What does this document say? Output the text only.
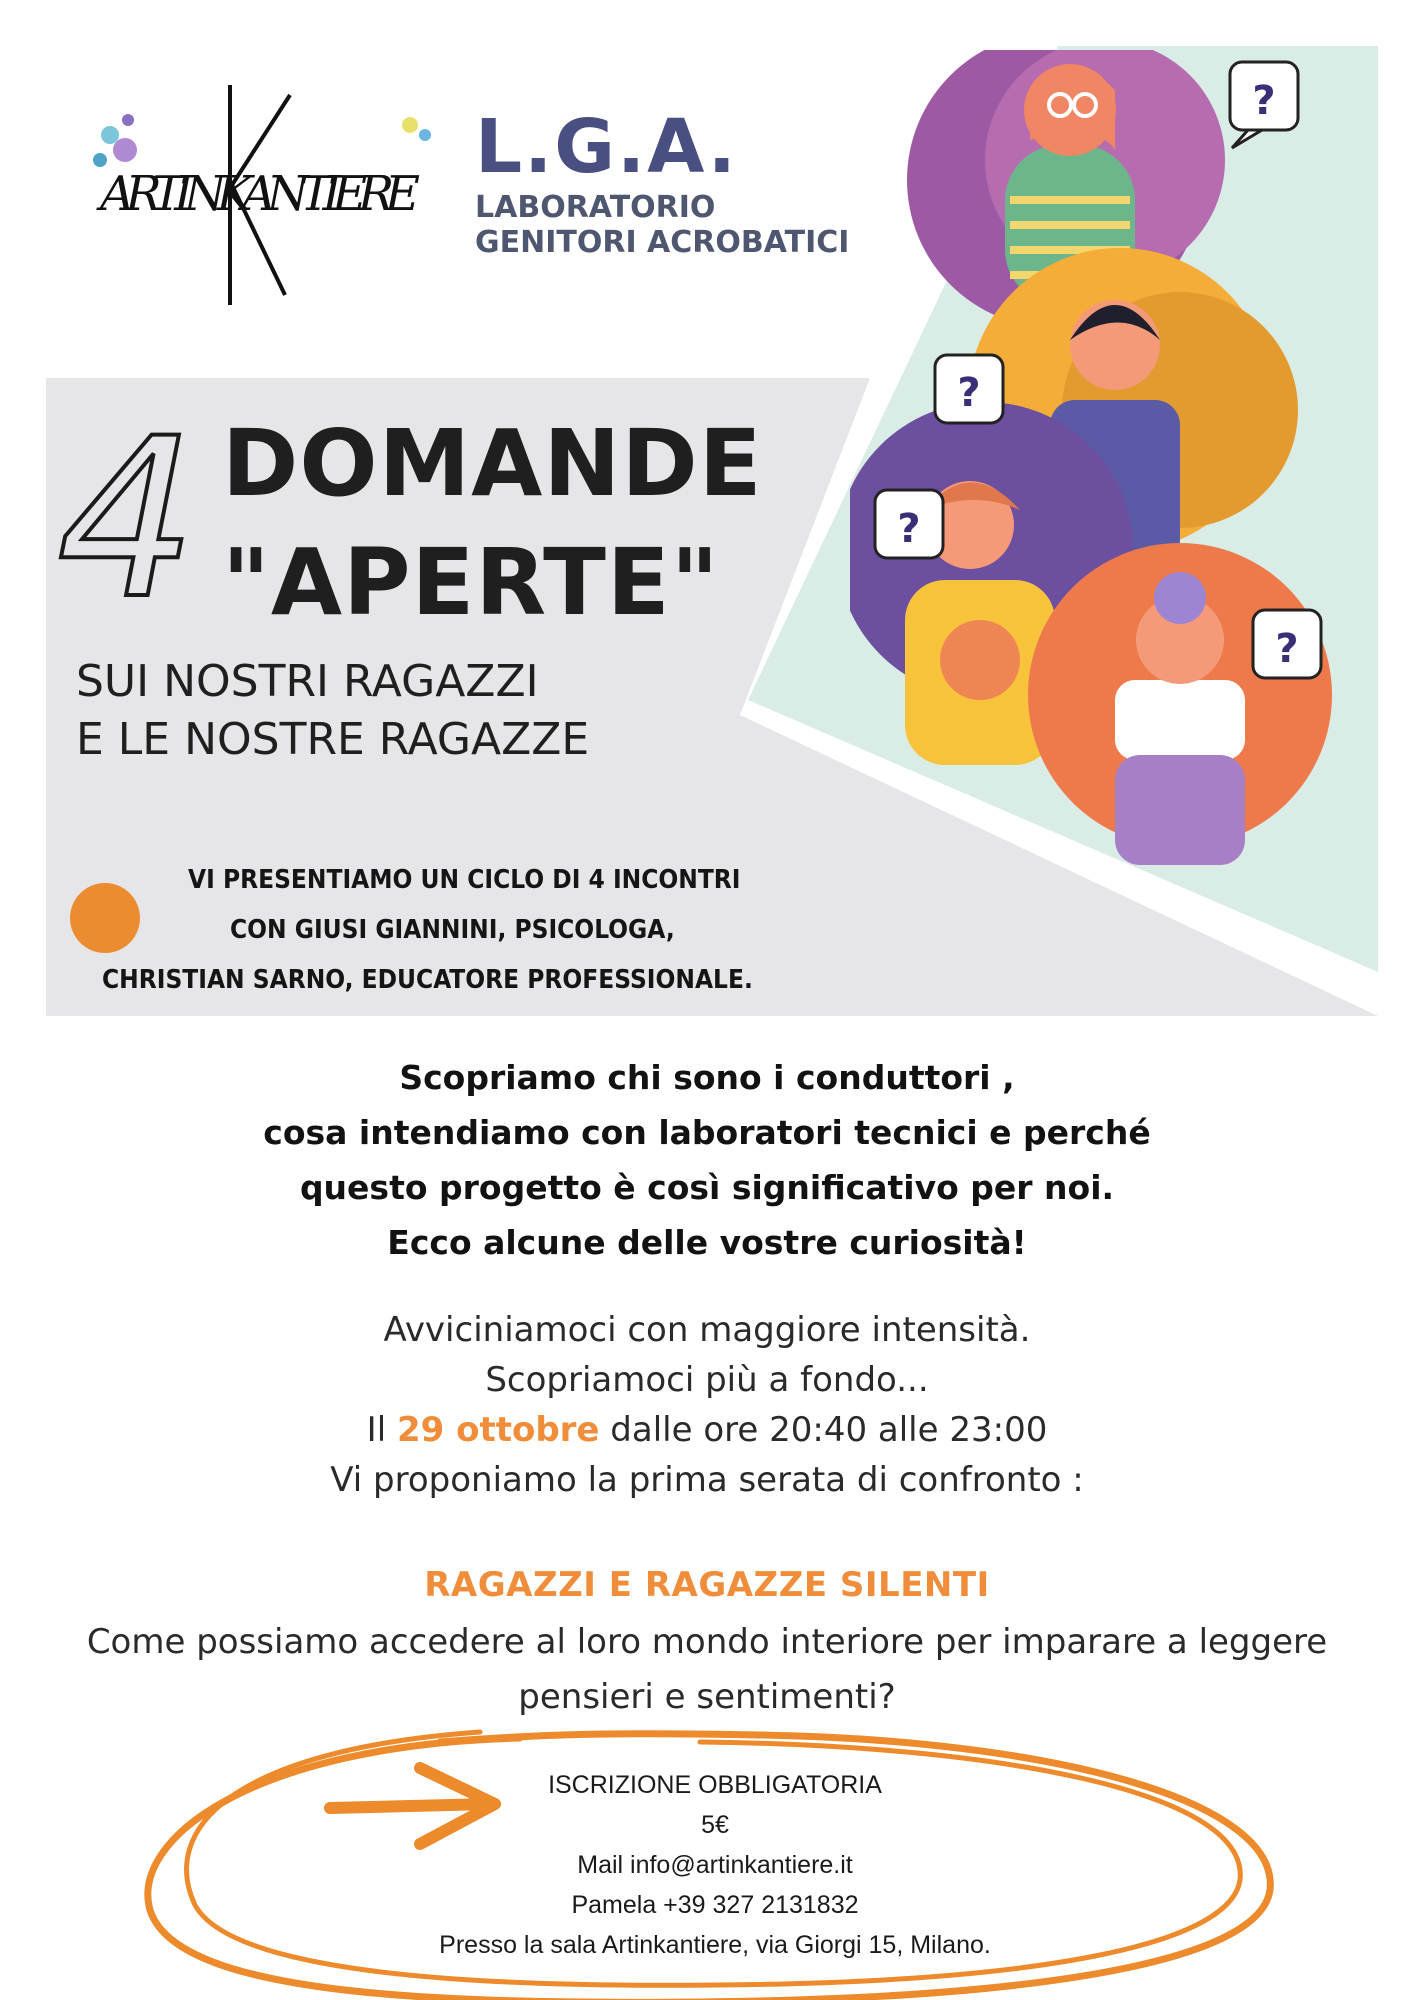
?
?
?
?
ARTINKANTIERE
L.G.A.
LABORATORIO
GENITORI ACROBATICI
4 DOMANDE
"APERTE"
SUI NOSTRI RAGAZZI
E LE NOSTRE RAGAZZE
VI PRESENTIAMO UN CICLO DI 4 INCONTRI
CON GIUSI GIANNINI, PSICOLOGA,
CHRISTIAN SARNO, EDUCATORE PROFESSIONALE.
Scopriamo chi sono i conduttori ,
cosa intendiamo con laboratori tecnici e perché
questo progetto è così significativo per noi.
Ecco alcune delle vostre curiosità!
Avviciniamoci con maggiore intensità.
Scopriamoci più a fondo...
Il 29 ottobre dalle ore 20:40 alle 23:00
Vi proponiamo la prima serata di confronto :
RAGAZZI E RAGAZZE SILENTI
Come possiamo accedere al loro mondo interiore per imparare a leggere
pensieri e sentimenti?
ISCRIZIONE OBBLIGATORIA
5€
Mail info@artinkantiere.it
Pamela +39 327 2131832
Presso la sala Artinkantiere, via Giorgi 15, Milano.
